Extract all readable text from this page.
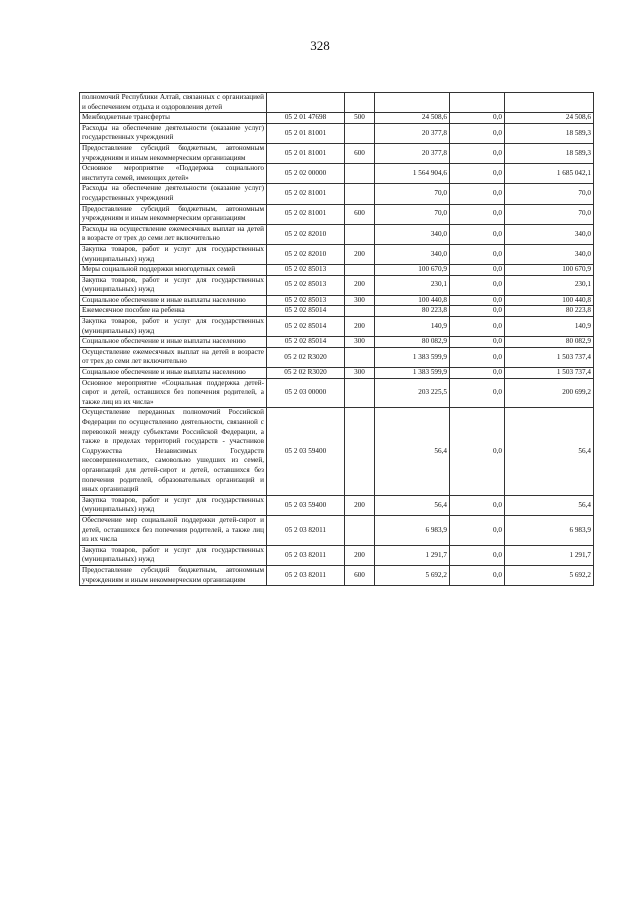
328
полномочий Республики Алтай, связанных с организацией и обеспечением отдыха и оздоровления детей					
Межбюджетные трансферты	05 2 01 47698	500	24 508,6	0,0	24 508,6
Расходы на обеспечение деятельности (оказание услуг) государственных учреждений	05 2 01 81001		20 377,8	0,0	18 589,3
Предоставление субсидий бюджетным, автономным учреждениям и иным некоммерческим организациям	05 2 01 81001	600	20 377,8	0,0	18 589,3
Основное мероприятие «Поддержка социального института семей, имеющих детей»	05 2 02 00000		1 564 904,6	0,0	1 685 042,1
Расходы на обеспечение деятельности (оказание услуг) государственных учреждений	05 2 02 81001		70,0	0,0	70,0
Предоставление субсидий бюджетным, автономным учреждениям и иным некоммерческим организациям	05 2 02 81001	600	70,0	0,0	70,0
Расходы на осуществление ежемесячных выплат на детей в возрасте от трех до семи лет включительно	05 2 02 82010		340,0	0,0	340,0
Закупка товаров, работ и услуг для государственных (муниципальных) нужд	05 2 02 82010	200	340,0	0,0	340,0
Меры социальной поддержки многодетных семей	05 2 02 85013		100 670,9	0,0	100 670,9
Закупка товаров, работ и услуг для государственных (муниципальных) нужд	05 2 02 85013	200	230,1	0,0	230,1
Социальное обеспечение и иные выплаты населению	05 2 02 85013	300	100 440,8	0,0	100 440,8
Ежемесячное пособие на ребенка	05 2 02 85014		80 223,8	0,0	80 223,8
Закупка товаров, работ и услуг для государственных (муниципальных) нужд	05 2 02 85014	200	140,9	0,0	140,9
Социальное обеспечение и иные выплаты населению	05 2 02 85014	300	80 082,9	0,0	80 082,9
Осуществление ежемесячных выплат на детей в возрасте от трех до семи лет включительно	05 2 02 R3020		1 383 599,9	0,0	1 503 737,4
Социальное обеспечение и иные выплаты населению	05 2 02 R3020	300	1 383 599,9	0,0	1 503 737,4
Основное мероприятие «Социальная поддержка детей-сирот и детей, оставшихся без попечения родителей, а также лиц из их числа»	05 2 03 00000		203 225,5	0,0	200 699,2
Осуществление переданных полномочий Российской Федерации по осуществлению деятельности, связанной с перевозкой между субъектами Российской Федерации, а также в пределах территорий государств - участников Содружества Независимых Государств несовершеннолетних, самовольно ушедших из семей, организаций для детей-сирот и детей, оставшихся без попечения родителей, образовательных организаций и иных организаций	05 2 03 59400		56,4	0,0	56,4
Закупка товаров, работ и услуг для государственных (муниципальных) нужд	05 2 03 59400	200	56,4	0,0	56,4
Обеспечение мер социальной поддержки детей-сирот и детей, оставшихся без попечения родителей, а также лиц из их числа	05 2 03 82011		6 983,9	0,0	6 983,9
Закупка товаров, работ и услуг для государственных (муниципальных) нужд	05 2 03 82011	200	1 291,7	0,0	1 291,7
Предоставление субсидий бюджетным, автономным учреждениям и иным некоммерческим организациям	05 2 03 82011	600	5 692,2	0,0	5 692,2
